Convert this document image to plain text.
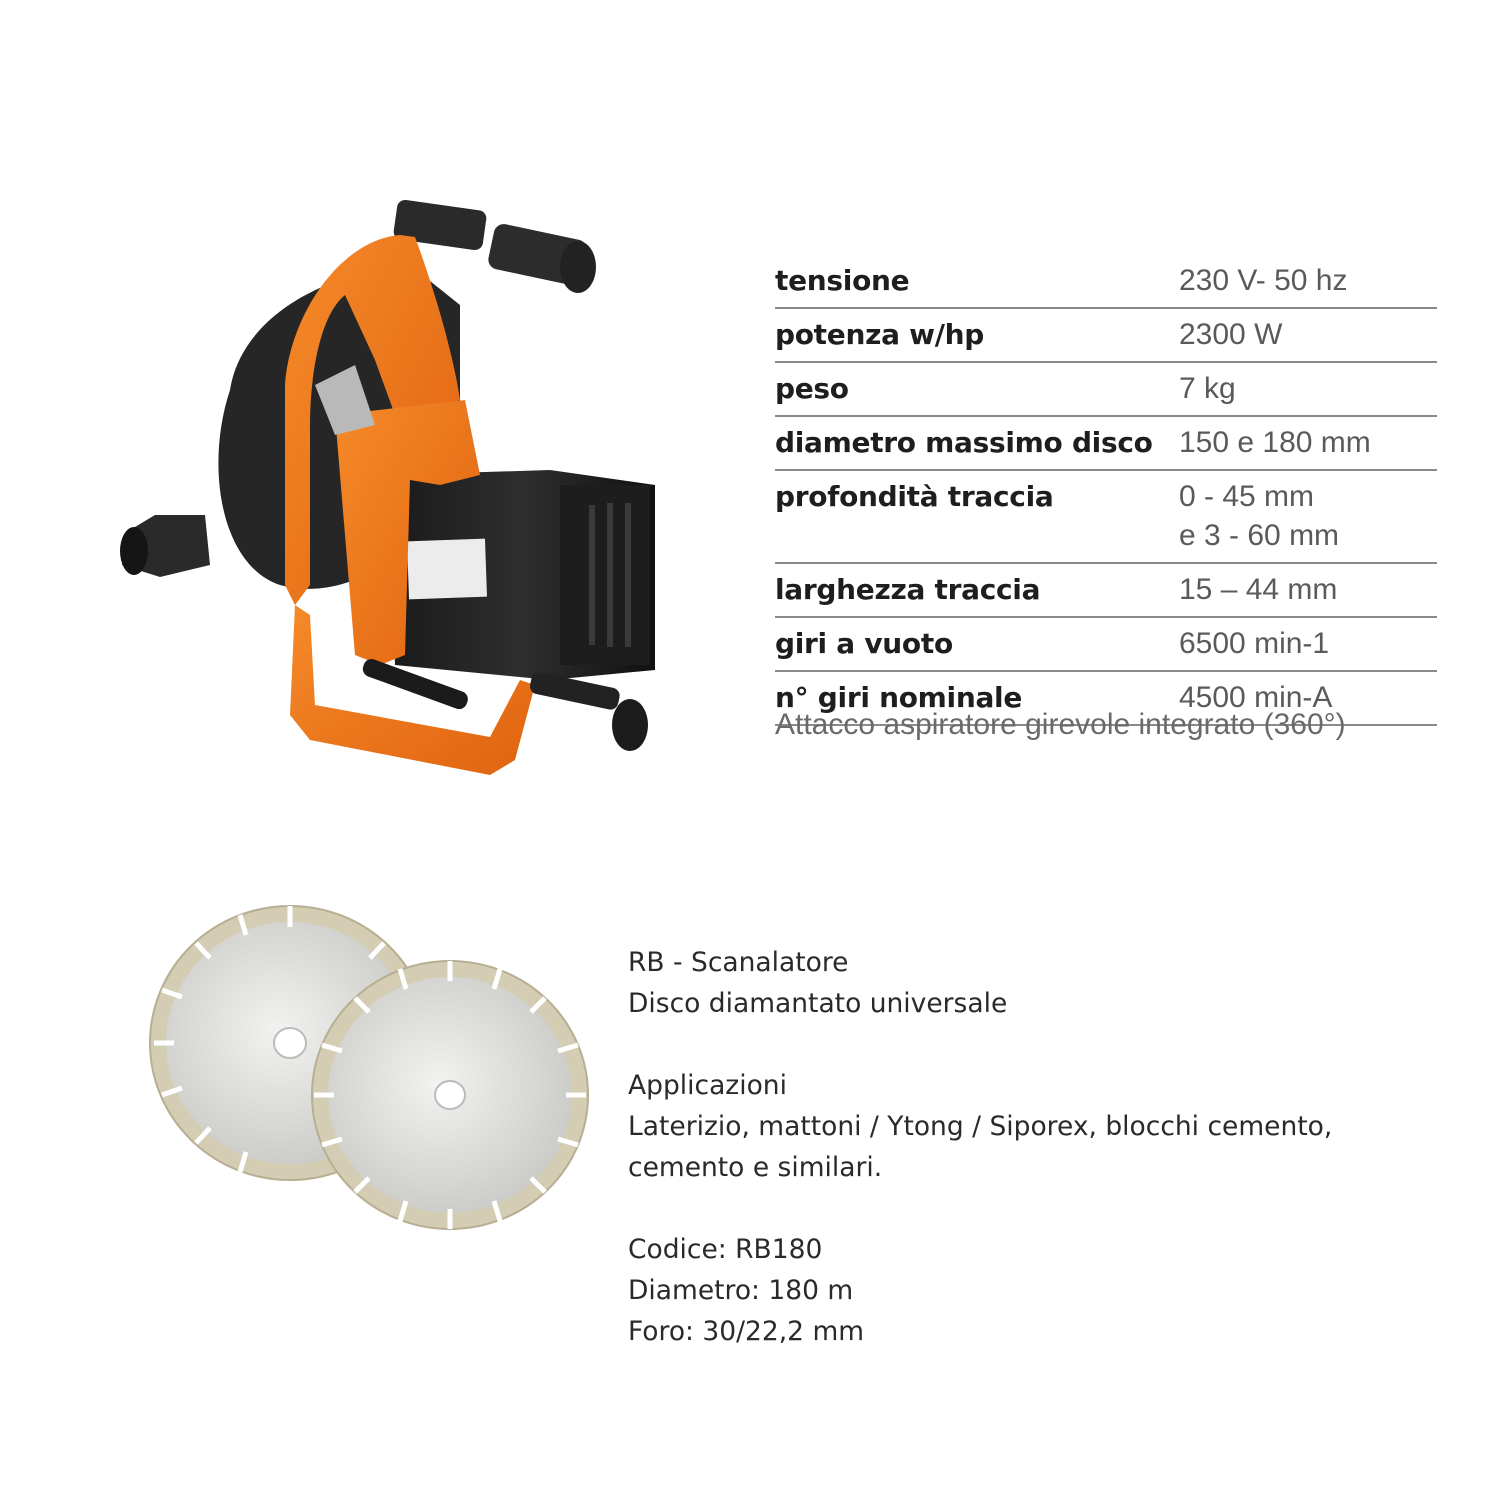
tensione	230 V- 50 hz
potenza w/hp	2300 W
peso	7 kg
diametro massimo disco	150 e 180 mm
profondità traccia	0 - 45 mm
e 3 - 60 mm

larghezza traccia	15 – 44 mm
giri a vuoto	6500 min-1
n° giri nominale	4500 min-A
Attacco aspiratore girevole integrato (360°)

RB - Scanalatore

Disco diamantato universale

Applicazioni

Laterizio, mattoni / Ytong / Siporex, blocchi cemento,

cemento e similari.

Codice: RB180

Diametro: 180 m

Foro: 30/22,2 mm
